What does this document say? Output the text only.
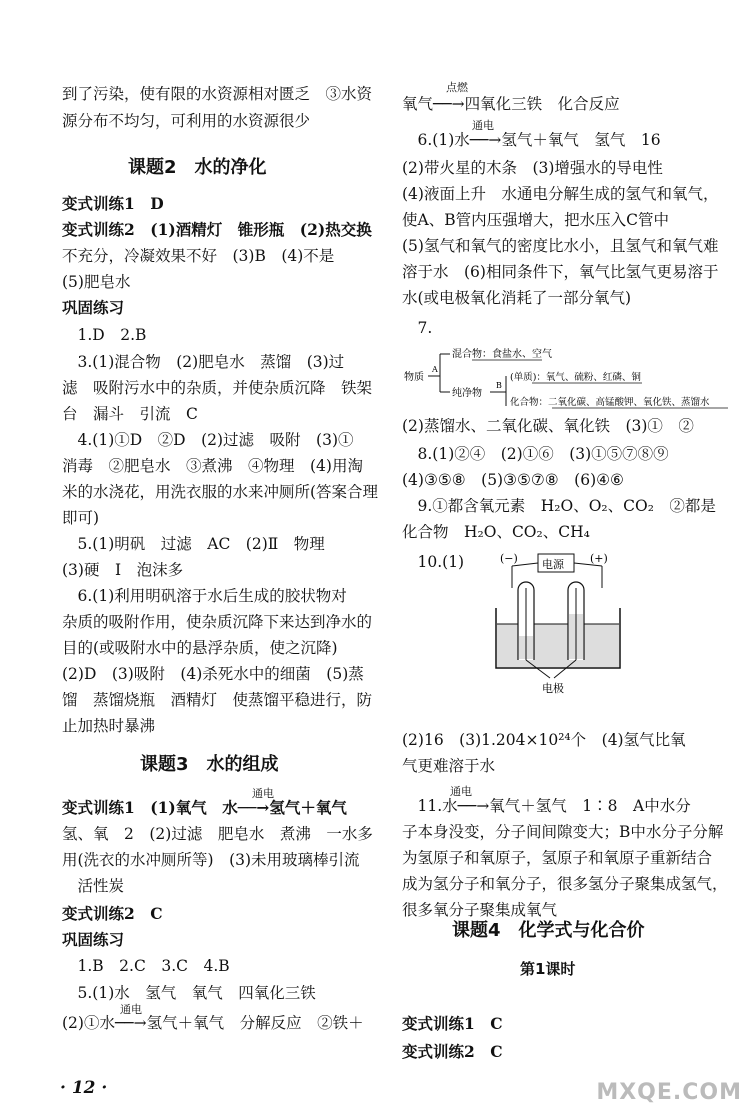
到了污染，使有限的水资源相对匮乏　③水资
源分布不均匀，可利用的水资源很少
变式训练1　D
变式训练2　(1)酒精灯　锥形瓶　(2)热交换
不充分，冷凝效果不好　(3)B　(4)不是
(5)肥皂水
巩固练习
　1.D　2.B
　3.(1)混合物　(2)肥皂水　蒸馏　(3)过
滤　吸附污水中的杂质，并使杂质沉降　铁架
台　漏斗　引流　C
　4.(1)①D　②D　(2)过滤　吸附　(3)①
消毒　②肥皂水　③煮沸　④物理　(4)用淘
米的水浇花，用洗衣服的水来冲厕所(答案合理
即可)
　5.(1)明矾　过滤　AC　(2)Ⅱ　物理
(3)硬　Ⅰ　泡沫多
　6.(1)利用明矾溶于水后生成的胶状物对
杂质的吸附作用，使杂质沉降下来达到净水的
目的(或吸附水中的悬浮杂质，使之沉降)
(2)D　(3)吸附　(4)杀死水中的细菌　(5)蒸
馏　蒸馏烧瓶　酒精灯　使蒸馏平稳进行，防
止加热时暴沸
变式训练1　(1)氧气　水──→氢气＋氧气
氢、氧　2　(2)过滤　肥皂水　煮沸　一水多
用(洗衣的水冲厕所等)　(3)未用玻璃棒引流
　活性炭
变式训练2　C
巩固练习
　1.B　2.C　3.C　4.B
　5.(1)水　氢气　氧气　四氧化三铁
(2)①水──→氢气＋氧气　分解反应　②铁＋
氧气──→四氧化三铁　化合反应
　6.(1)水──→氢气＋氧气　氢气　16
(2)带火星的木条　(3)增强水的导电性
(4)液面上升　水通电分解生成的氢气和氧气，
使A、B管内压强增大，把水压入C管中
(5)氢气和氧气的密度比水小，且氢气和氧气难
溶于水　(6)相同条件下，氧气比氢气更易溶于
水(或电极氧化消耗了一部分氧气)
　7.
(2)蒸馏水、二氧化碳、氧化铁　(3)①　②
　8.(1)②④　(2)①⑥　(3)①⑤⑦⑧⑨
(4)③⑤⑧　(5)③⑤⑦⑧　(6)④⑥
　9.①都含氧元素　H₂O、O₂、CO₂　②都是
化合物　H₂O、CO₂、CH₄
　10.(1)
(2)16　(3)1.204×10²⁴个　(4)氢气比氧
气更难溶于水
　11.水──→氧气＋氢气　1∶8　A中水分
子本身没变，分子间间隙变大；B中水分子分解
为氢原子和氧原子，氢原子和氧原子重新结合
成为氢分子和氧分子，很多氢分子聚集成氢气，
很多氧分子聚集成氧气
变式训练1　C
变式训练2　C
课题2　水的净化
课题3　水的组成
课题4　化学式与化合价
第1课时
点燃
通电
通电
通电
通电
物质
A
混合物：食盐水、空气
纯净物
B
(单质)：氧气、硫粉、红磷、铜
化合物：二氧化碳、高锰酸钾、氧化铁、蒸馏水
(−)	(+)
电源
电极
· 12 ·	MXQE.COM
